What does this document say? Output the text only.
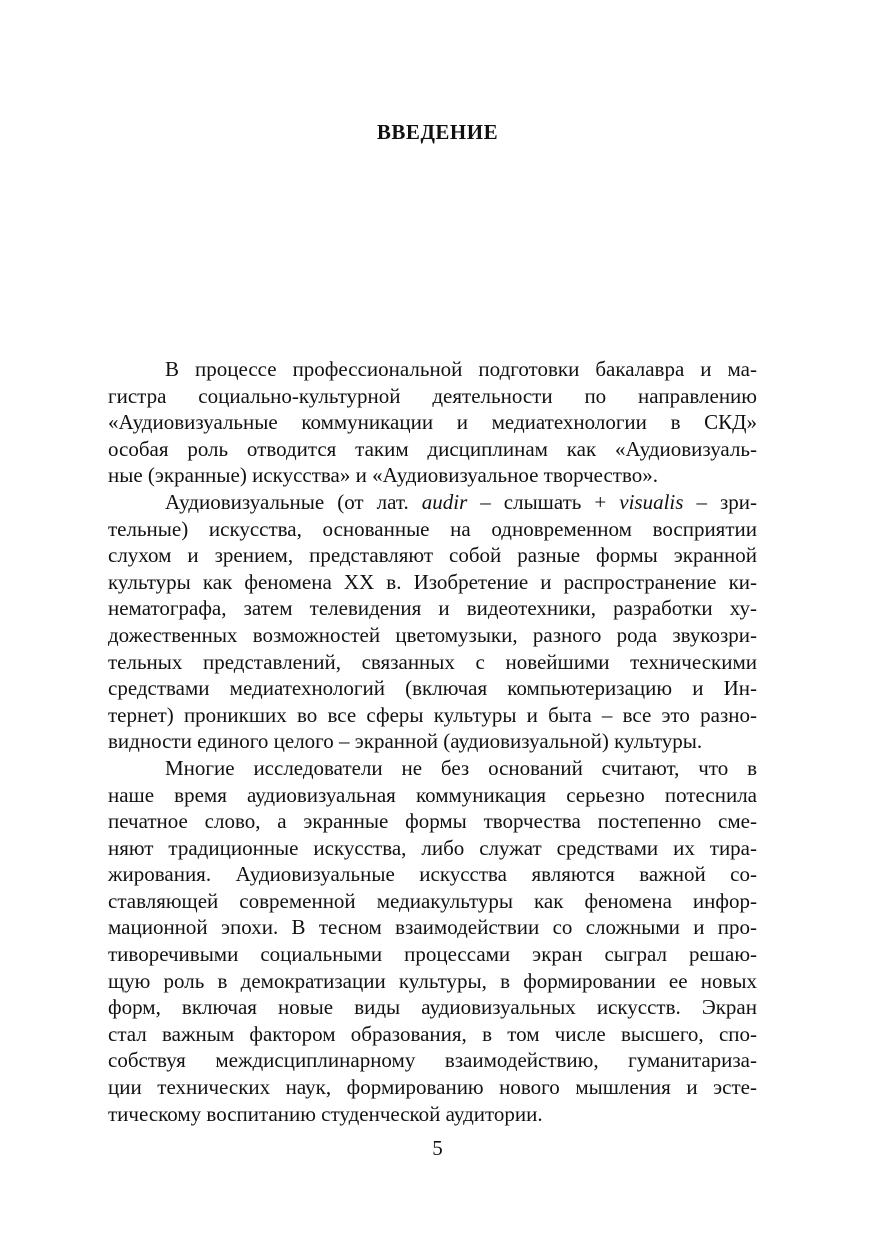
ВВЕДЕНИЕ
В процессе профессиональной подготовки бакалавра и ма-
гистра социально-культурной деятельности по направлению
«Аудиовизуальные коммуникации и медиатехнологии в СКД»
особая роль отводится таким дисциплинам как «Аудиовизуаль-
ные (экранные) искусства» и «Аудиовизуальное творчество».
Аудиовизуальные (от лат. audir – слышать + visualis – зри-
тельные) искусства, основанные на одновременном восприятии
слухом и зрением, представляют собой разные формы экранной
культуры как феномена XX в. Изобретение и распространение ки-
нематографа, затем телевидения и видеотехники, разработки ху-
дожественных возможностей цветомузыки, разного рода звукозри-
тельных представлений, связанных с новейшими техническими
средствами медиатехнологий (включая компьютеризацию и Ин-
тернет) проникших во все сферы культуры и быта – все это разно-
видности единого целого – экранной (аудиовизуальной) культуры.
Многие исследователи не без оснований считают, что в
наше время аудиовизуальная коммуникация серьезно потеснила
печатное слово, а экранные формы творчества постепенно сме-
няют традиционные искусства, либо служат средствами их тира-
жирования. Аудиовизуальные искусства являются важной со-
ставляющей современной медиакультуры как феномена инфор-
мационной эпохи. В тесном взаимодействии со сложными и про-
тиворечивыми социальными процессами экран сыграл решаю-
щую роль в демократизации культуры, в формировании ее новых
форм, включая новые виды аудиовизуальных искусств. Экран
стал важным фактором образования, в том числе высшего, спо-
собствуя междисциплинарному взаимодействию, гуманитариза-
ции технических наук, формированию нового мышления и эсте-
тическому воспитанию студенческой аудитории.
5
